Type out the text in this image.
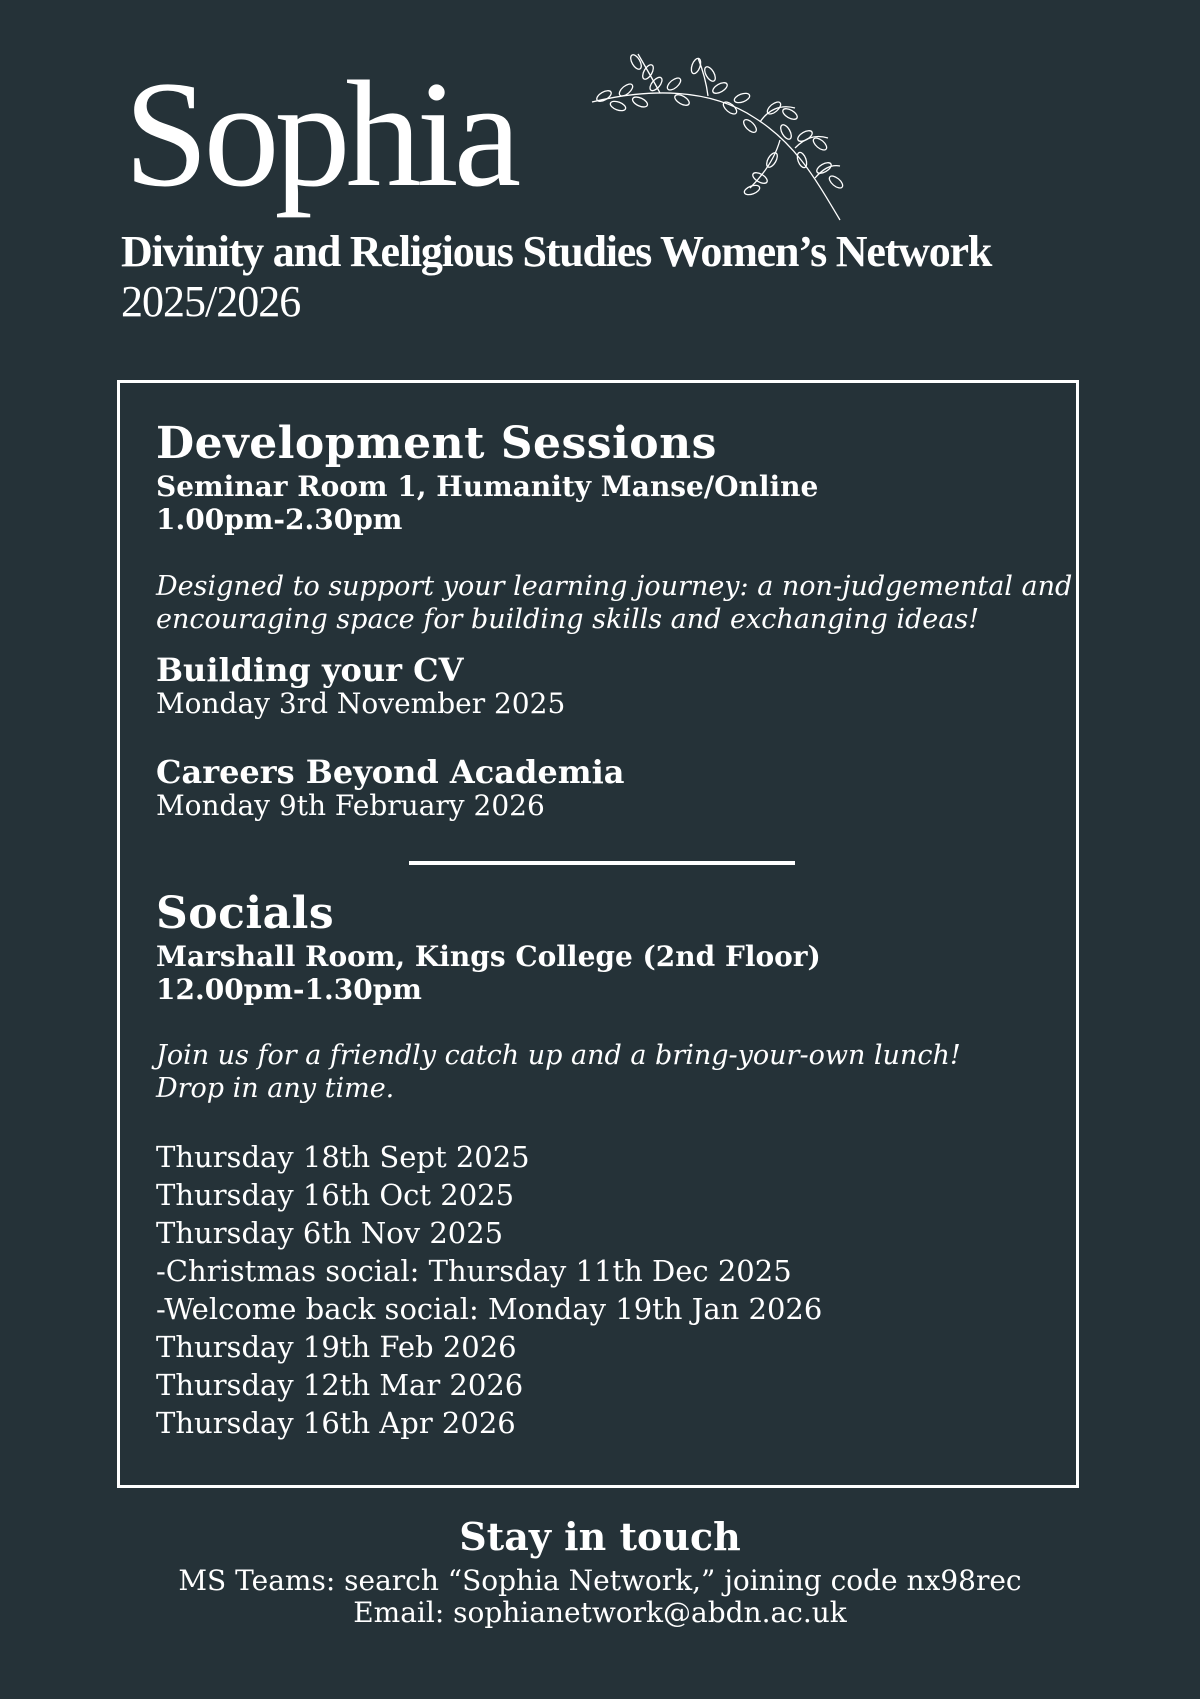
Sophia
Divinity and Religious Studies Women’s Network
2025/2026
Development Sessions
Seminar Room 1, Humanity Manse/Online
1.00pm-2.30pm
Designed to support your learning journey: a non-judgemental and
encouraging space for building skills and exchanging ideas!
Building your CV
Monday 3rd November 2025
Careers Beyond Academia
Monday 9th February 2026
Socials
Marshall Room, Kings College (2nd Floor)
12.00pm-1.30pm
Join us for a friendly catch up and a bring-your-own lunch!
Drop in any time.
Thursday 18th Sept 2025
Thursday 16th Oct 2025
Thursday 6th Nov 2025
-Christmas social: Thursday 11th Dec 2025
-Welcome back social: Monday 19th Jan 2026
Thursday 19th Feb 2026
Thursday 12th Mar 2026
Thursday 16th Apr 2026
Stay in touch
MS Teams: search “Sophia Network,” joining code nx98rec
Email: sophianetwork@abdn.ac.uk
